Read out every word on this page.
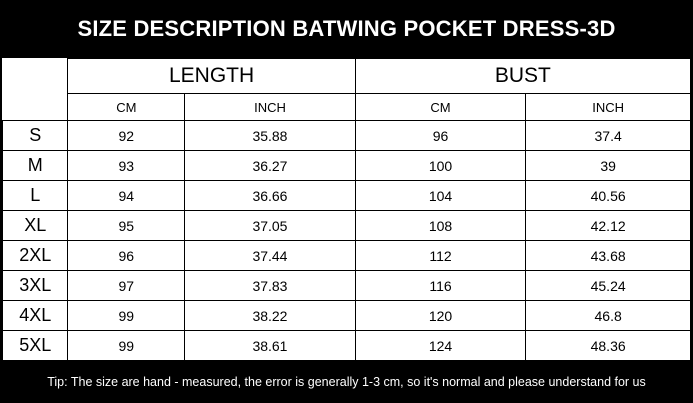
SIZE DESCRIPTION BATWING POCKET DRESS-3D
	LENGTH		BUST	
	CM	INCH	CM	INCH
S	92	35.88	96	37.4
M	93	36.27	100	39
L	94	36.66	104	40.56
XL	95	37.05	108	42.12
2XL	96	37.44	112	43.68
3XL	97	37.83	116	45.24
4XL	99	38.22	120	46.8
5XL	99	38.61	124	48.36
Tip: The size are hand - measured, the error is generally 1-3 cm, so it's normal and please understand for us
